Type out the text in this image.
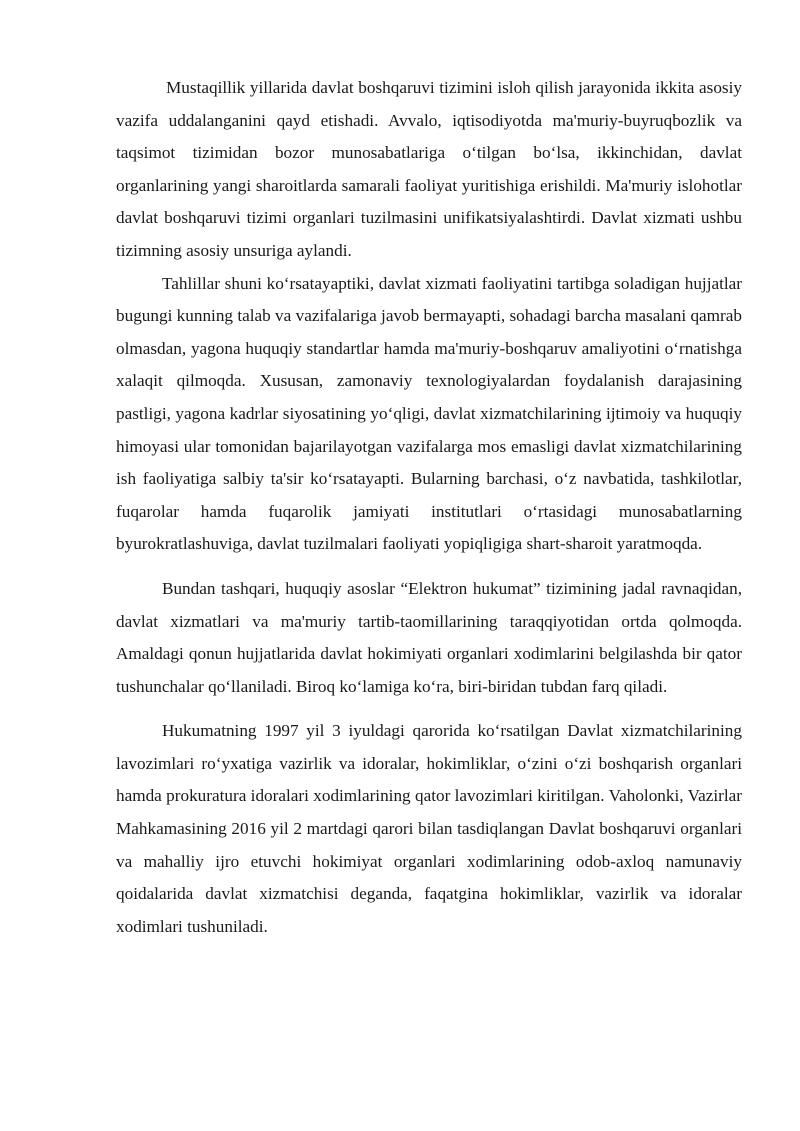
Mustaqillik yillarida davlat boshqaruvi tizimini isloh qilish jarayonida ikkita asosiy vazifa uddalanganini qayd etishadi. Avvalo, iqtisodiyotda ma'muriy-buyruqbozlik va taqsimot tizimidan bozor munosabatlariga o‘tilgan bo‘lsa, ikkinchidan, davlat organlarining yangi sharoitlarda samarali faoliyat yuritishiga erishildi. Ma'muriy islohotlar davlat boshqaruvi tizimi organlari tuzilmasini unifikatsiyalashtirdi. Davlat xizmati ushbu tizimning asosiy unsuriga aylandi.

Tahlillar shuni ko‘rsatayaptiki, davlat xizmati faoliyatini tartibga soladigan hujjatlar bugungi kunning talab va vazifalariga javob bermayapti, sohadagi barcha masalani qamrab olmasdan, yagona huquqiy standartlar hamda ma'muriy-boshqaruv amaliyotini o‘rnatishga xalaqit qilmoqda. Xususan, zamonaviy texnologiyalardan foydalanish darajasining pastligi, yagona kadrlar siyosatining yo‘qligi, davlat xizmatchilarining ijtimoiy va huquqiy himoyasi ular tomonidan bajarilayotgan vazifalarga mos emasligi davlat xizmatchilarining ish faoliyatiga salbiy ta'sir ko‘rsatayapti. Bularning barchasi, o‘z navbatida, tashkilotlar, fuqarolar hamda fuqarolik jamiyati institutlari o‘rtasidagi munosabatlarning byurokratlashuviga, davlat tuzilmalari faoliyati yopiqligiga shart-sharoit yaratmoqda.

Bundan tashqari, huquqiy asoslar “Elektron hukumat” tizimining jadal ravnaqidan, davlat xizmatlari va ma'muriy tartib-taomillarining taraqqiyotidan ortda qolmoqda. Amaldagi qonun hujjatlarida davlat hokimiyati organlari xodimlarini belgilashda bir qator tushunchalar qo‘llaniladi. Biroq ko‘lamiga ko‘ra, biri-biridan tubdan farq qiladi.

Hukumatning 1997 yil 3 iyuldagi qarorida ko‘rsatilgan Davlat xizmatchilarining lavozimlari ro‘yxatiga vazirlik va idoralar, hokimliklar, o‘zini o‘zi boshqarish organlari hamda prokuratura idoralari xodimlarining qator lavozimlari kiritilgan. Vaholonki, Vazirlar Mahkamasining 2016 yil 2 martdagi qarori bilan tasdiqlangan Davlat boshqaruvi organlari va mahalliy ijro etuvchi hokimiyat organlari xodimlarining odob-axloq namunaviy qoidalarida davlat xizmatchisi deganda, faqatgina hokimliklar, vazirlik va idoralar xodimlari tushuniladi.
